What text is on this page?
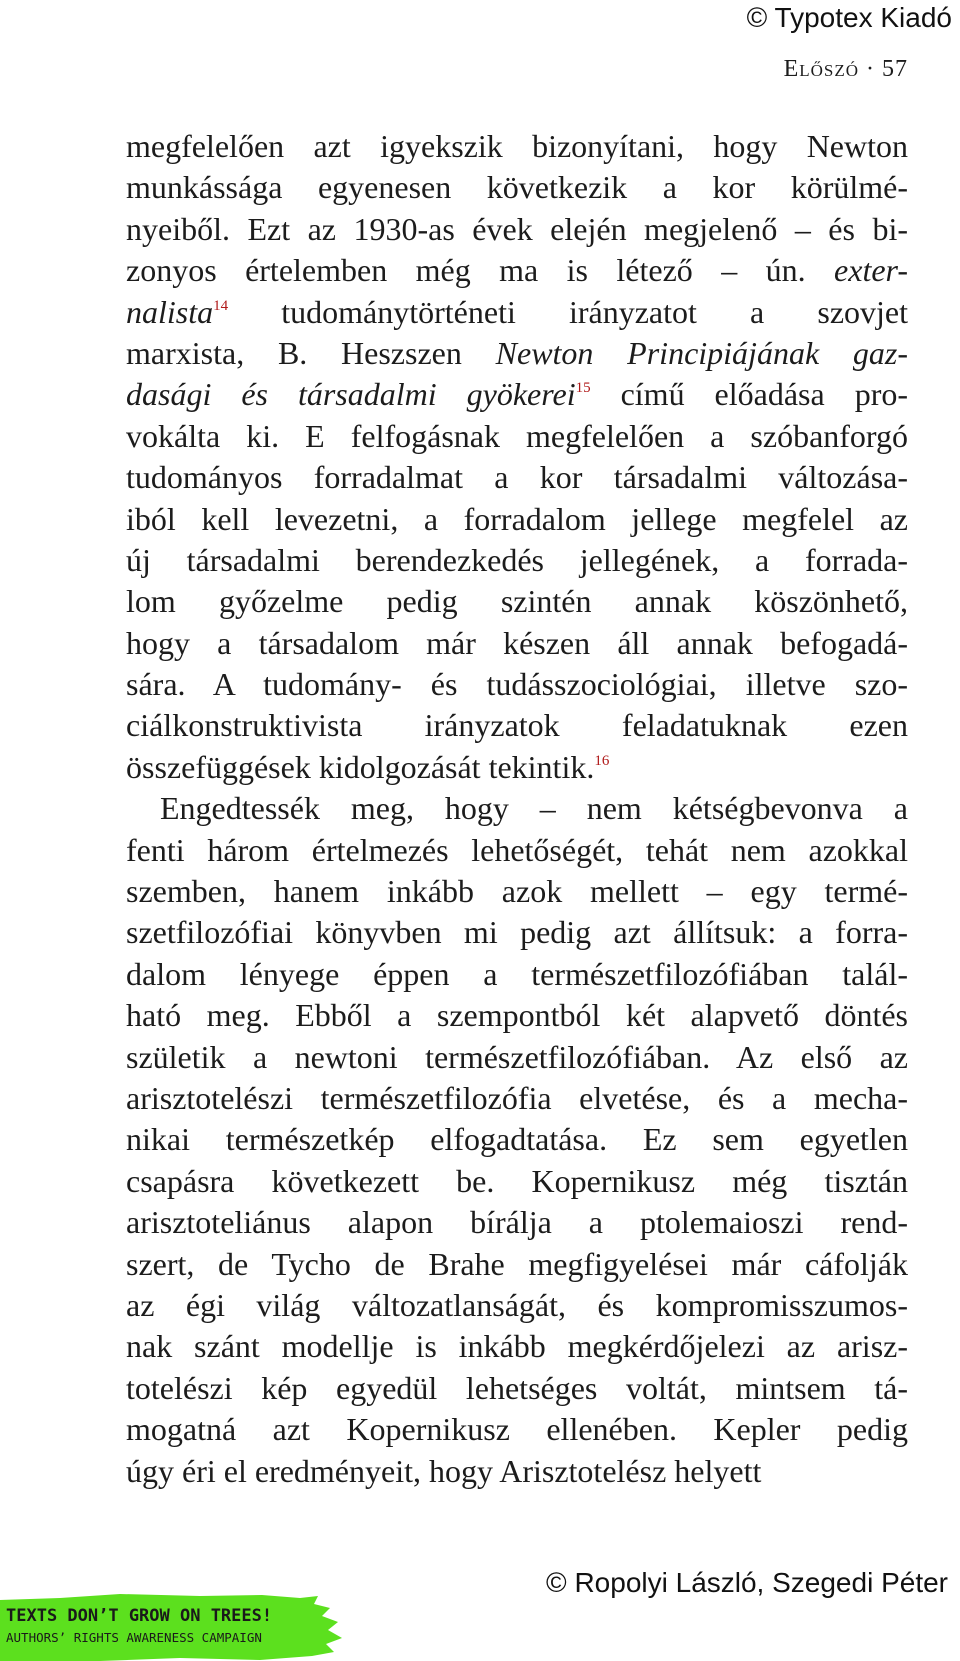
© Typotex Kiadó
Előszó · 57
megfelelően azt igyekszik bizonyítani, hogy Newton
munkássága egyenesen következik a kor körülmé-
nyeiből. Ezt az 1930-as évek elején megjelenő – és bi-
zonyos értelemben még ma is létező – ún. exter-
nalista$^{14}$ tudománytörténeti irányzatot a szovjet
marxista, B. Heszszen Newton Principiájának gaz-
dasági és társadalmi gyökerei$^{15}$ című előadása pro-
vokálta ki. E felfogásnak megfelelően a szóbanforgó
tudományos forradalmat a kor társadalmi változása-
iból kell levezetni, a forradalom jellege megfelel az
új társadalmi berendezkedés jellegének, a forrada-
lom győzelme pedig szintén annak köszönhető,
hogy a társadalom már készen áll annak befogadá-
sára. A tudomány- és tudásszociológiai, illetve szo-
ciálkonstruktivista irányzatok feladatuknak ezen
összefüggések kidolgozását tekintik.$^{16}$
Engedtessék meg, hogy – nem kétségbevonva a
fenti három értelmezés lehetőségét, tehát nem azokkal
szemben, hanem inkább azok mellett – egy termé-
szetfilozófiai könyvben mi pedig azt állítsuk: a forra-
dalom lényege éppen a természetfilozófiában talál-
ható meg. Ebből a szempontból két alapvető döntés
születik a newtoni természetfilozófiában. Az első az
arisztotelészi természetfilozófia elvetése, és a mecha-
nikai természetkép elfogadtatása. Ez sem egyetlen
csapásra következett be. Kopernikusz még tisztán
arisztoteliánus alapon bírálja a ptolemaioszi rend-
szert, de Tycho de Brahe megfigyelései már cáfolják
az égi világ változatlanságát, és kompromisszumos-
nak szánt modellje is inkább megkérdőjelezi az arisz-
totelészi kép egyedül lehetséges voltát, mintsem tá-
mogatná azt Kopernikusz ellenében. Kepler pedig
úgy éri el eredményeit, hogy Arisztotelész helyett
© Ropolyi László, Szegedi Péter
TEXTS DON’T GROW ON TREES!
AUTHORS’ RIGHTS AWARENESS CAMPAIGN
